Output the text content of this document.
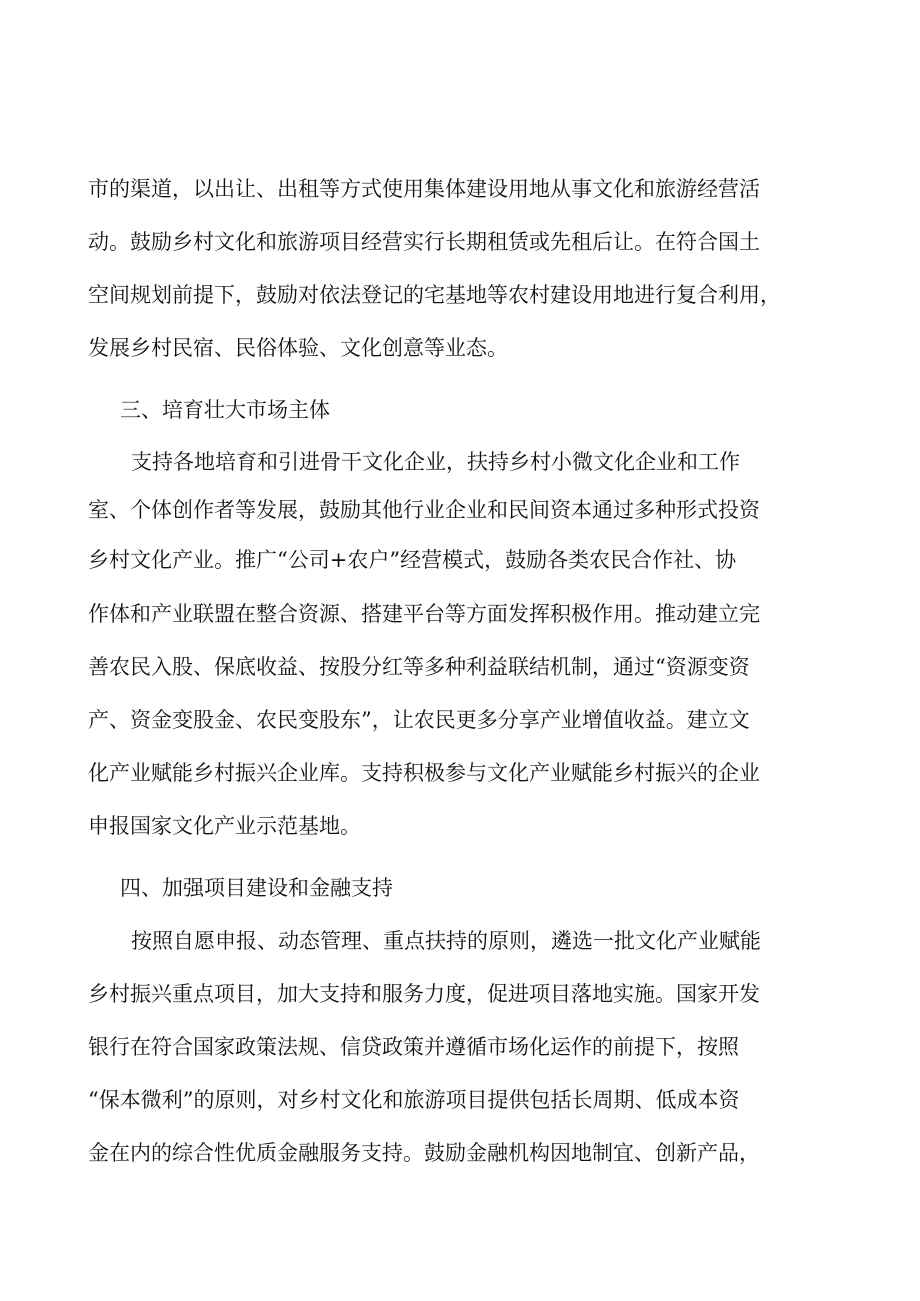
市的渠道，以出让、出租等方式使用集体建设用地从事文化和旅游经营活
动。鼓励乡村文化和旅游项目经营实行长期租赁或先租后让。在符合国土
空间规划前提下，鼓励对依法登记的宅基地等农村建设用地进行复合利用，
发展乡村民宿、民俗体验、文化创意等业态。
三、培育壮大市场主体
支持各地培育和引进骨干文化企业，扶持乡村小微文化企业和工作
室、个体创作者等发展，鼓励其他行业企业和民间资本通过多种形式投资
乡村文化产业。推广“公司+农户”经营模式，鼓励各类农民合作社、协
作体和产业联盟在整合资源、搭建平台等方面发挥积极作用。推动建立完
善农民入股、保底收益、按股分红等多种利益联结机制，通过“资源变资
产、资金变股金、农民变股东”，让农民更多分享产业增值收益。建立文
化产业赋能乡村振兴企业库。支持积极参与文化产业赋能乡村振兴的企业
申报国家文化产业示范基地。
四、加强项目建设和金融支持
按照自愿申报、动态管理、重点扶持的原则，遴选一批文化产业赋能
乡村振兴重点项目，加大支持和服务力度，促进项目落地实施。国家开发
银行在符合国家政策法规、信贷政策并遵循市场化运作的前提下，按照
“保本微利”的原则，对乡村文化和旅游项目提供包括长周期、低成本资
金在内的综合性优质金融服务支持。鼓励金融机构因地制宜、创新产品，
